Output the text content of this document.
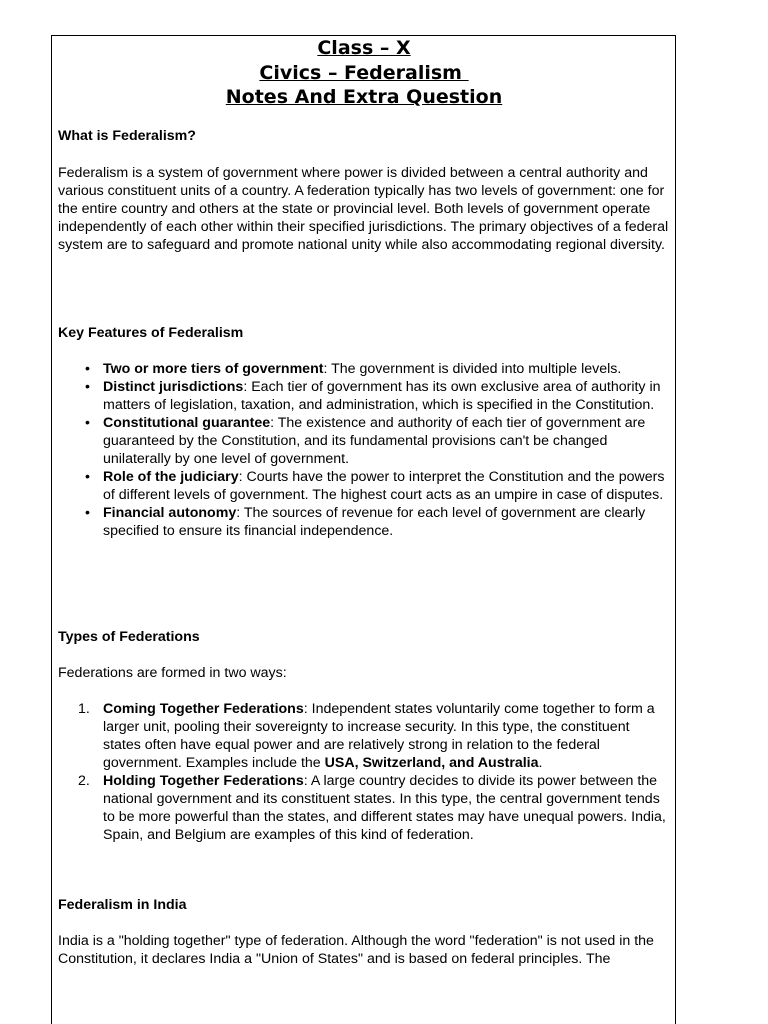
Class – X
Civics – Federalism
Notes And Extra Question
What is Federalism?
Federalism is a system of government where power is divided between a central authority and various constituent units of a country. A federation typically has two levels of government: one for the entire country and others at the state or provincial level. Both levels of government operate independently of each other within their specified jurisdictions. The primary objectives of a federal system are to safeguard and promote national unity while also accommodating regional diversity.
Key Features of Federalism
• Two or more tiers of government: The government is divided into multiple levels.
• Distinct jurisdictions: Each tier of government has its own exclusive area of authority in matters of legislation, taxation, and administration, which is specified in the Constitution.
• Constitutional guarantee: The existence and authority of each tier of government are guaranteed by the Constitution, and its fundamental provisions can't be changed unilaterally by one level of government.
• Role of the judiciary: Courts have the power to interpret the Constitution and the powers of different levels of government. The highest court acts as an umpire in case of disputes.
• Financial autonomy: The sources of revenue for each level of government are clearly specified to ensure its financial independence.
Types of Federations
Federations are formed in two ways:
1. Coming Together Federations: Independent states voluntarily come together to form a larger unit, pooling their sovereignty to increase security. In this type, the constituent states often have equal power and are relatively strong in relation to the federal government. Examples include the USA, Switzerland, and Australia.
2. Holding Together Federations: A large country decides to divide its power between the national government and its constituent states. In this type, the central government tends to be more powerful than the states, and different states may have unequal powers. India, Spain, and Belgium are examples of this kind of federation.
Federalism in India
India is a "holding together" type of federation. Although the word "federation" is not used in the Constitution, it declares India a "Union of States" and is based on federal principles. The
